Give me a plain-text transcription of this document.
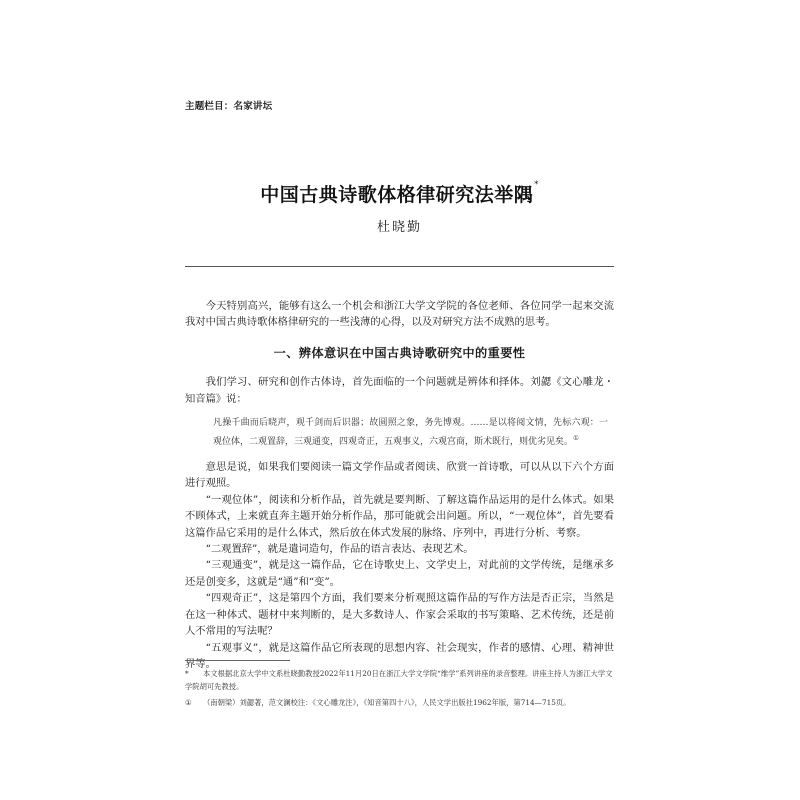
主题栏目：名家讲坛
中国古典诗歌体格律研究法举隅*
杜晓勤

今天特别高兴，能够有这么一个机会和浙江大学文学院的各位老师、各位同学一起来交流我对中国古典诗歌体格律研究的一些浅薄的心得，以及对研究方法不成熟的思考。

一、辨体意识在中国古典诗歌研究中的重要性

我们学习、研究和创作古体诗，首先面临的一个问题就是辨体和择体。刘勰《文心雕龙・知音篇》说：

凡操千曲而后晓声，观千剑而后识器；故圆照之象，务先博观。……是以将阅文情，先标六观：一观位体，二观置辞，三观通变，四观奇正，五观事义，六观宫商，斯术既行，则优劣见矣。①

意思是说，如果我们要阅读一篇文学作品或者阅读、欣赏一首诗歌，可以从以下六个方面进行观照。

“一观位体”，阅读和分析作品，首先就是要判断、了解这篇作品运用的是什么体式。如果不顾体式，上来就直奔主题开始分析作品，那可能就会出问题。所以，“一观位体”，首先要看这篇作品它采用的是什么体式，然后放在体式发展的脉络、序列中，再进行分析、考察。

“二观置辞”，就是遣词造句，作品的语言表达、表现艺术。

“三观通变”，就是这一篇作品，它在诗歌史上、文学史上，对此前的文学传统，是继承多还是创变多，这就是“通”和“变”。

“四观奇正”，这是第四个方面，我们要来分析观照这篇作品的写作方法是否正宗，当然是在这一种体式、题材中来判断的，是大多数诗人、作家会采取的书写策略、艺术传统，还是前人不常用的写法呢？

“五观事义”，就是这篇作品它所表现的思想内容、社会现实，作者的感情、心理、精神世界等。

* 本文根据北京大学中文系杜晓勤教授2022年11月20日在浙江大学文学院“维学”系列讲座的录音整理。讲座主持人为浙江大学文学院胡可先教授。

① （南朝梁）刘勰著，范文澜校注：《文心雕龙注》，《知音第四十八》，人民文学出版社1962年版，第714—715页。
